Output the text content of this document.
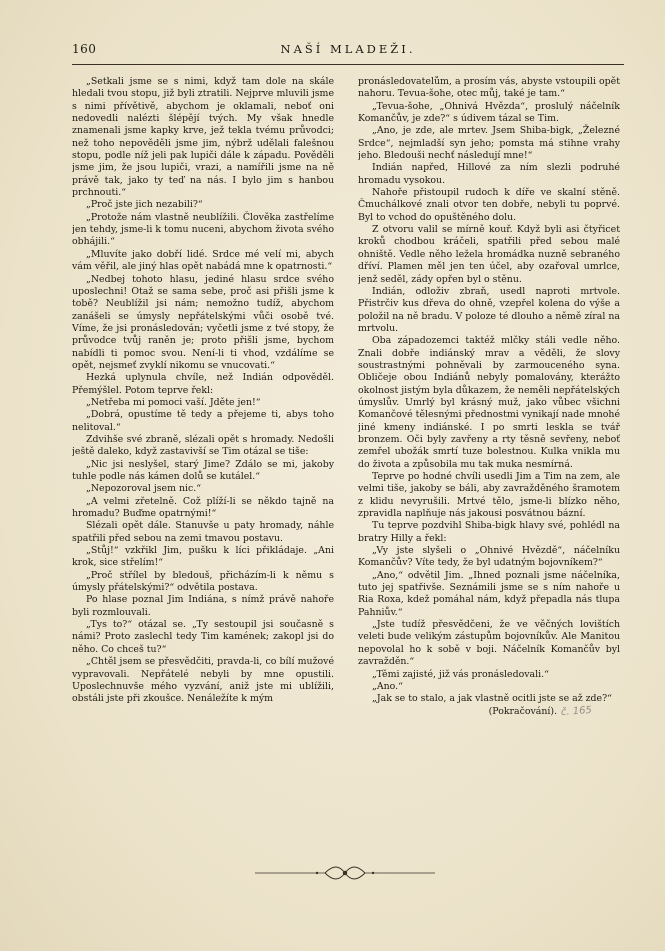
160	NAŠÍ MLADEŽI.

„Setkali jsme se s nimi, když tam dole na skále hledali tvou stopu, již byli ztratili. Nejprve mluvili jsme s nimi přívětivě, abychom je oklamali, neboť oni nedovedli nalézti šlépějí tvých. My však hnedle znamenali jsme kapky krve, jež tekla tvému průvodci; než toho nepověděli jsme jim, nýbrž udělali falešnou stopu, podle níž jeli pak lupiči dále k západu. Pověděli jsme jim, že jsou lupiči, vrazi, a namířili jsme na ně právě tak, jako ty teď na nás. I bylo jim s hanbou prchnouti.“

„Proč jste jich nezabili?“

„Protože nám vlastně neublížili. Člověka zastřelíme jen tehdy, jsme-li k tomu nuceni, abychom života svého obhájili.“

„Mluvíte jako dobří lidé. Srdce mé velí mi, abych vám věřil, ale jiný hlas opět nabádá mne k opatrnosti.“

„Nedbej tohoto hlasu, jediné hlasu srdce svého uposlechni! Otaž se sama sebe, proč asi přišli jsme k tobě? Neublížil jsi nám; nemožno tudíž, abychom zanášeli se úmysly nepřátelskými vůči osobě tvé. Víme, že jsi pronásledován; vyčetli jsme z tvé stopy, že průvodce tvůj raněn je; proto přišli jsme, bychom nabídli ti pomoc svou. Není-li ti vhod, vzdálíme se opět, nejsmeť zvyklí nikomu se vnucovati.“

Hezká uplynula chvíle, než Indián odpověděl. Přemýšlel. Potom teprve řekl:

„Netřeba mi pomoci vaší. Jděte jen!“

„Dobrá, opustíme tě tedy a přejeme ti, abys toho nelitoval.“

Zdvihše své zbraně, slézali opět s hromady. Nedošli ještě daleko, když zastavivší se Tim otázal se tiše:

„Nic jsi neslyšel, starý Jime? Zdálo se mi, jakoby tuhle podle nás kámen dolů se kutálel.“

„Nepozoroval jsem nic.“

„A velmi zřetelně. Což plíží-li se někdo tajně na hromadu? Buďme opatrnými!“

Slézali opět dále. Stanuvše u paty hromady, náhle spatřili před sebou na zemi tmavou postavu.

„Stůj!“ vzkřikl Jim, pušku k líci přikládaje. „Ani krok, sice střelím!“

„Proč střílel by bledouš, přicházím-li k němu s úmysly přátelskými?“ odvětila postava.

Po hlase poznal Jim Indiána, s nímž právě nahoře byli rozmlouvali.

„Tys to?“ otázal se. „Ty sestoupil jsi současně s námi? Proto zaslechl tedy Tim kamének; zakopl jsi do něho. Co chceš tu?“

„Chtěl jsem se přesvědčiti, pravda-li, co bílí mužové vypravovali. Nepřátelé nebyli by mne opustili. Uposlechnuvše mého vyzvání, aniž jste mi ublížili, obstáli jste při zkoušce. Nenáležíte k mým

pronásledovatelům, a prosím vás, abyste vstoupili opět nahoru. Tevua-šohe, otec můj, také je tam.“

„Tevua-šohe, „Ohnivá Hvězda“, proslulý náčelník Komančův, je zde?“ s údivem tázal se Tim.

„Ano, je zde, ale mrtev. Jsem Shiba-bigk, „Železné Srdce“, nejmladší syn jeho; pomsta má stihne vrahy jeho. Bledouši nechť následují mne!“

Indián napřed, Hillové za ním slezli podruhé hromadu vysokou.

Nahoře přistoupil rudoch k díře ve skalní stěně. Čmuchálkové znali otvor ten dobře, nebyli tu poprvé. Byl to vchod do opuštěného dolu.

Z otvoru valil se mírně kouř. Když byli asi čtyřicet kroků chodbou kráčeli, spatřili před sebou malé ohniště. Vedle něho ležela hromádka nuzně sebraného dříví. Plamen měl jen ten účel, aby ozařoval umrlce, jenž seděl, zády opřen byl o stěnu.

Indián, odloživ zbraň, usedl naproti mrtvole. Přistrčiv kus dřeva do ohně, vzepřel kolena do výše a položil na ně bradu. V poloze té dlouho a němě zíral na mrtvolu.

Oba západozemci taktéž mlčky stáli vedle něho. Znali dobře indiánský mrav a věděli, že slovy soustrastnými pohněvali by zarmouceného syna. Obličeje obou Indiánů nebyly pomalovány, kterážto okolnost jistým byla důkazem, že neměli nepřátelských úmyslův. Umrlý byl krásný muž, jako vůbec všichni Komančové tělesnými přednostmi vynikají nade mnohé jiné kmeny indiánské. I po smrti leskla se tvář bronzem. Oči byly zavřeny a rty těsně sevřeny, neboť zemřel ubožák smrtí tuze bolestnou. Kulka vnikla mu do života a způsobila mu tak muka nesmírná.

Teprve po hodné chvíli usedli Jim a Tim na zem, ale velmi tiše, jakoby se báli, aby zavražděného šramotem z klidu nevyrušili. Mrtvé tělo, jsme-li blízko něho, zpravidla naplňuje nás jakousi posvátnou bázní.

Tu teprve pozdvihl Shiba-bigk hlavy své, pohlédl na bratry Hilly a řekl:

„Vy jste slyšeli o „Ohnivé Hvězdě“, náčelníku Komančův? Víte tedy, že byl udatným bojovníkem?“

„Ano,“ odvětil Jim. „Ihned poznali jsme náčelníka, tuto jej spatřivše. Seznámili jsme se s ním nahoře u Ria Roxa, kdež pomáhal nám, když přepadla nás tlupa Pahniův.“

„Jste tudíž přesvědčeni, že ve věčných lovištích veleti bude velikým zástupům bojovníkův. Ale Manitou nepovolal ho k sobě v boji. Náčelník Komančův byl zavražděn.“

„Těmi zajisté, již vás pronásledovali.“

„Ano.“

„Jak se to stalo, a jak vlastně ocitli jste se až zde?“

(Pokračování). č. 165
